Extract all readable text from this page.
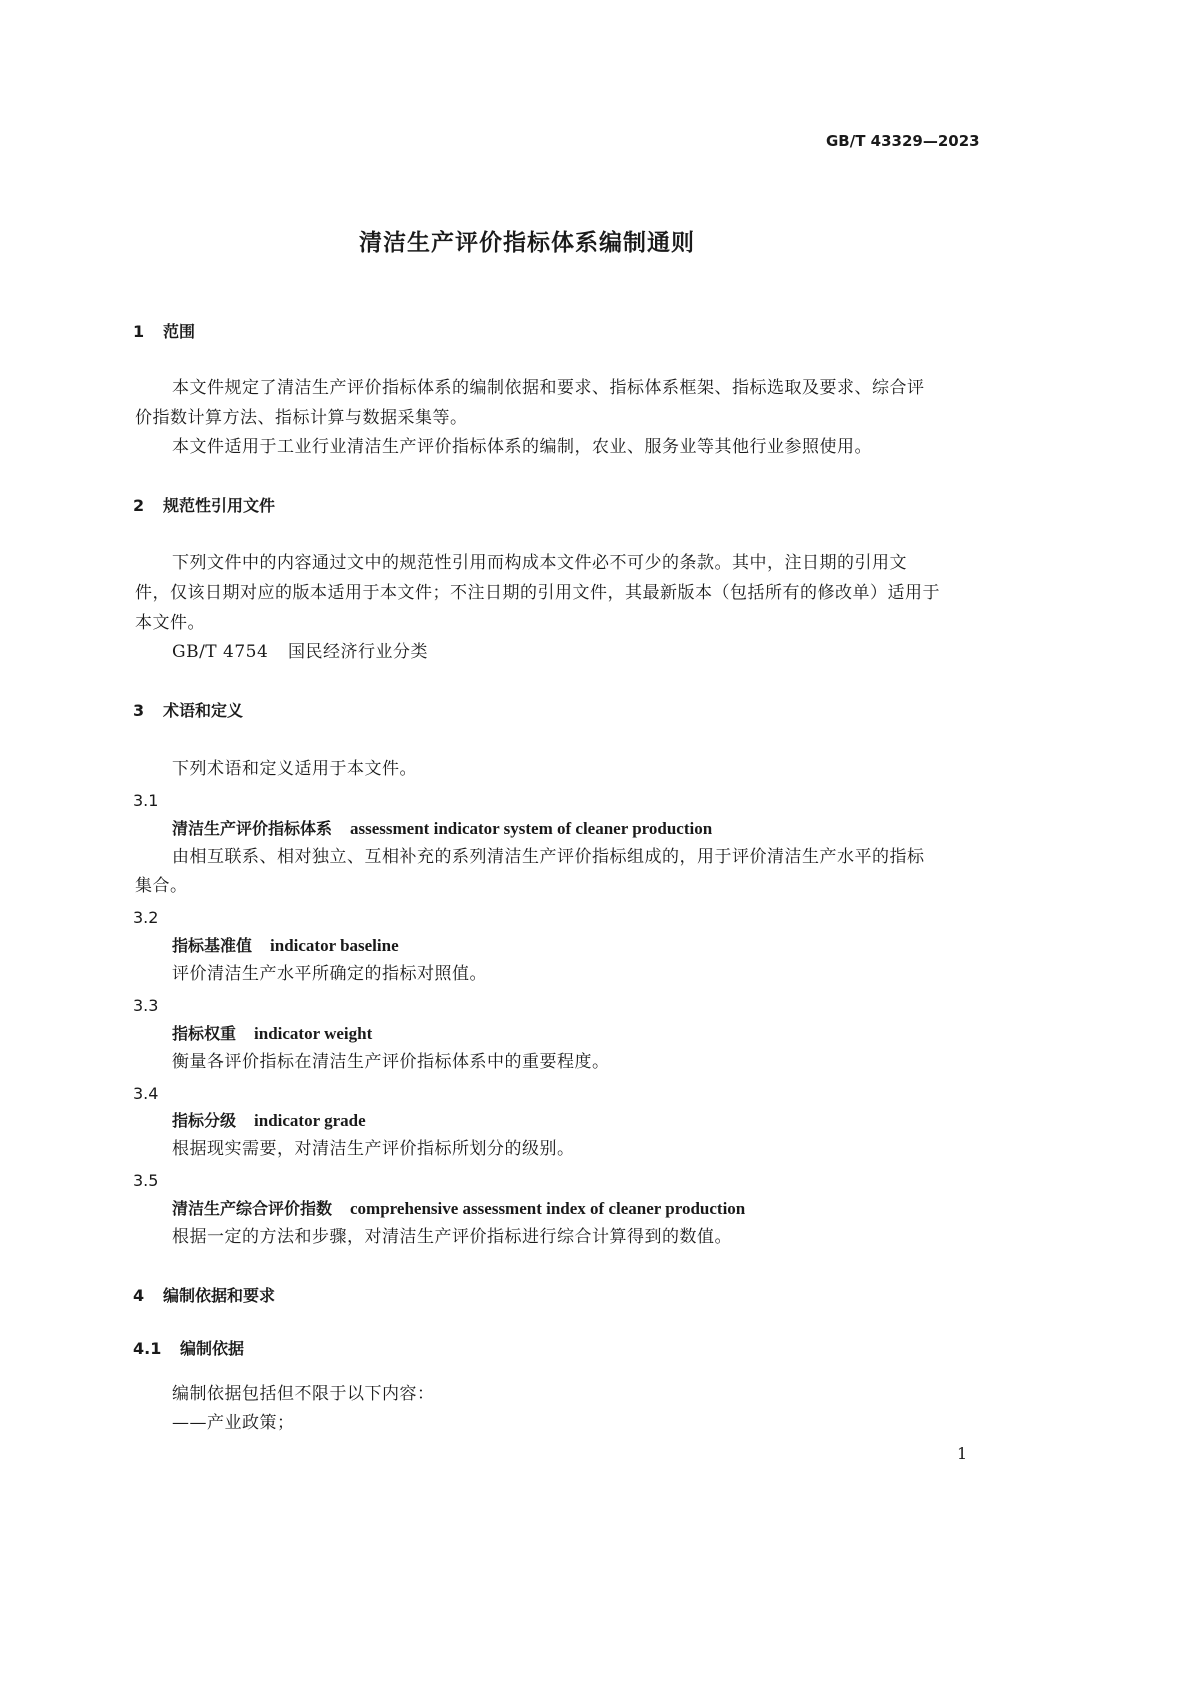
GB/T 43329—2023
清洁生产评价指标体系编制通则
1 范围
本文件规定了清洁生产评价指标体系的编制依据和要求、指标体系框架、指标选取及要求、综合评
价指数计算方法、指标计算与数据采集等。
本文件适用于工业行业清洁生产评价指标体系的编制，农业、服务业等其他行业参照使用。
2 规范性引用文件
下列文件中的内容通过文中的规范性引用而构成本文件必不可少的条款。其中，注日期的引用文
件，仅该日期对应的版本适用于本文件；不注日期的引用文件，其最新版本（包括所有的修改单）适用于
本文件。
GB/T 4754 国民经济行业分类
3 术语和定义
下列术语和定义适用于本文件。
3.1
清洁生产评价指标体系 assessment indicator system of cleaner production
由相互联系、相对独立、互相补充的系列清洁生产评价指标组成的，用于评价清洁生产水平的指标
集合。
3.2
指标基准值 indicator baseline
评价清洁生产水平所确定的指标对照值。
3.3
指标权重 indicator weight
衡量各评价指标在清洁生产评价指标体系中的重要程度。
3.4
指标分级 indicator grade
根据现实需要，对清洁生产评价指标所划分的级别。
3.5
清洁生产综合评价指数 comprehensive assessment index of cleaner production
根据一定的方法和步骤，对清洁生产评价指标进行综合计算得到的数值。
4 编制依据和要求
4.1 编制依据
编制依据包括但不限于以下内容：
——产业政策；
1
